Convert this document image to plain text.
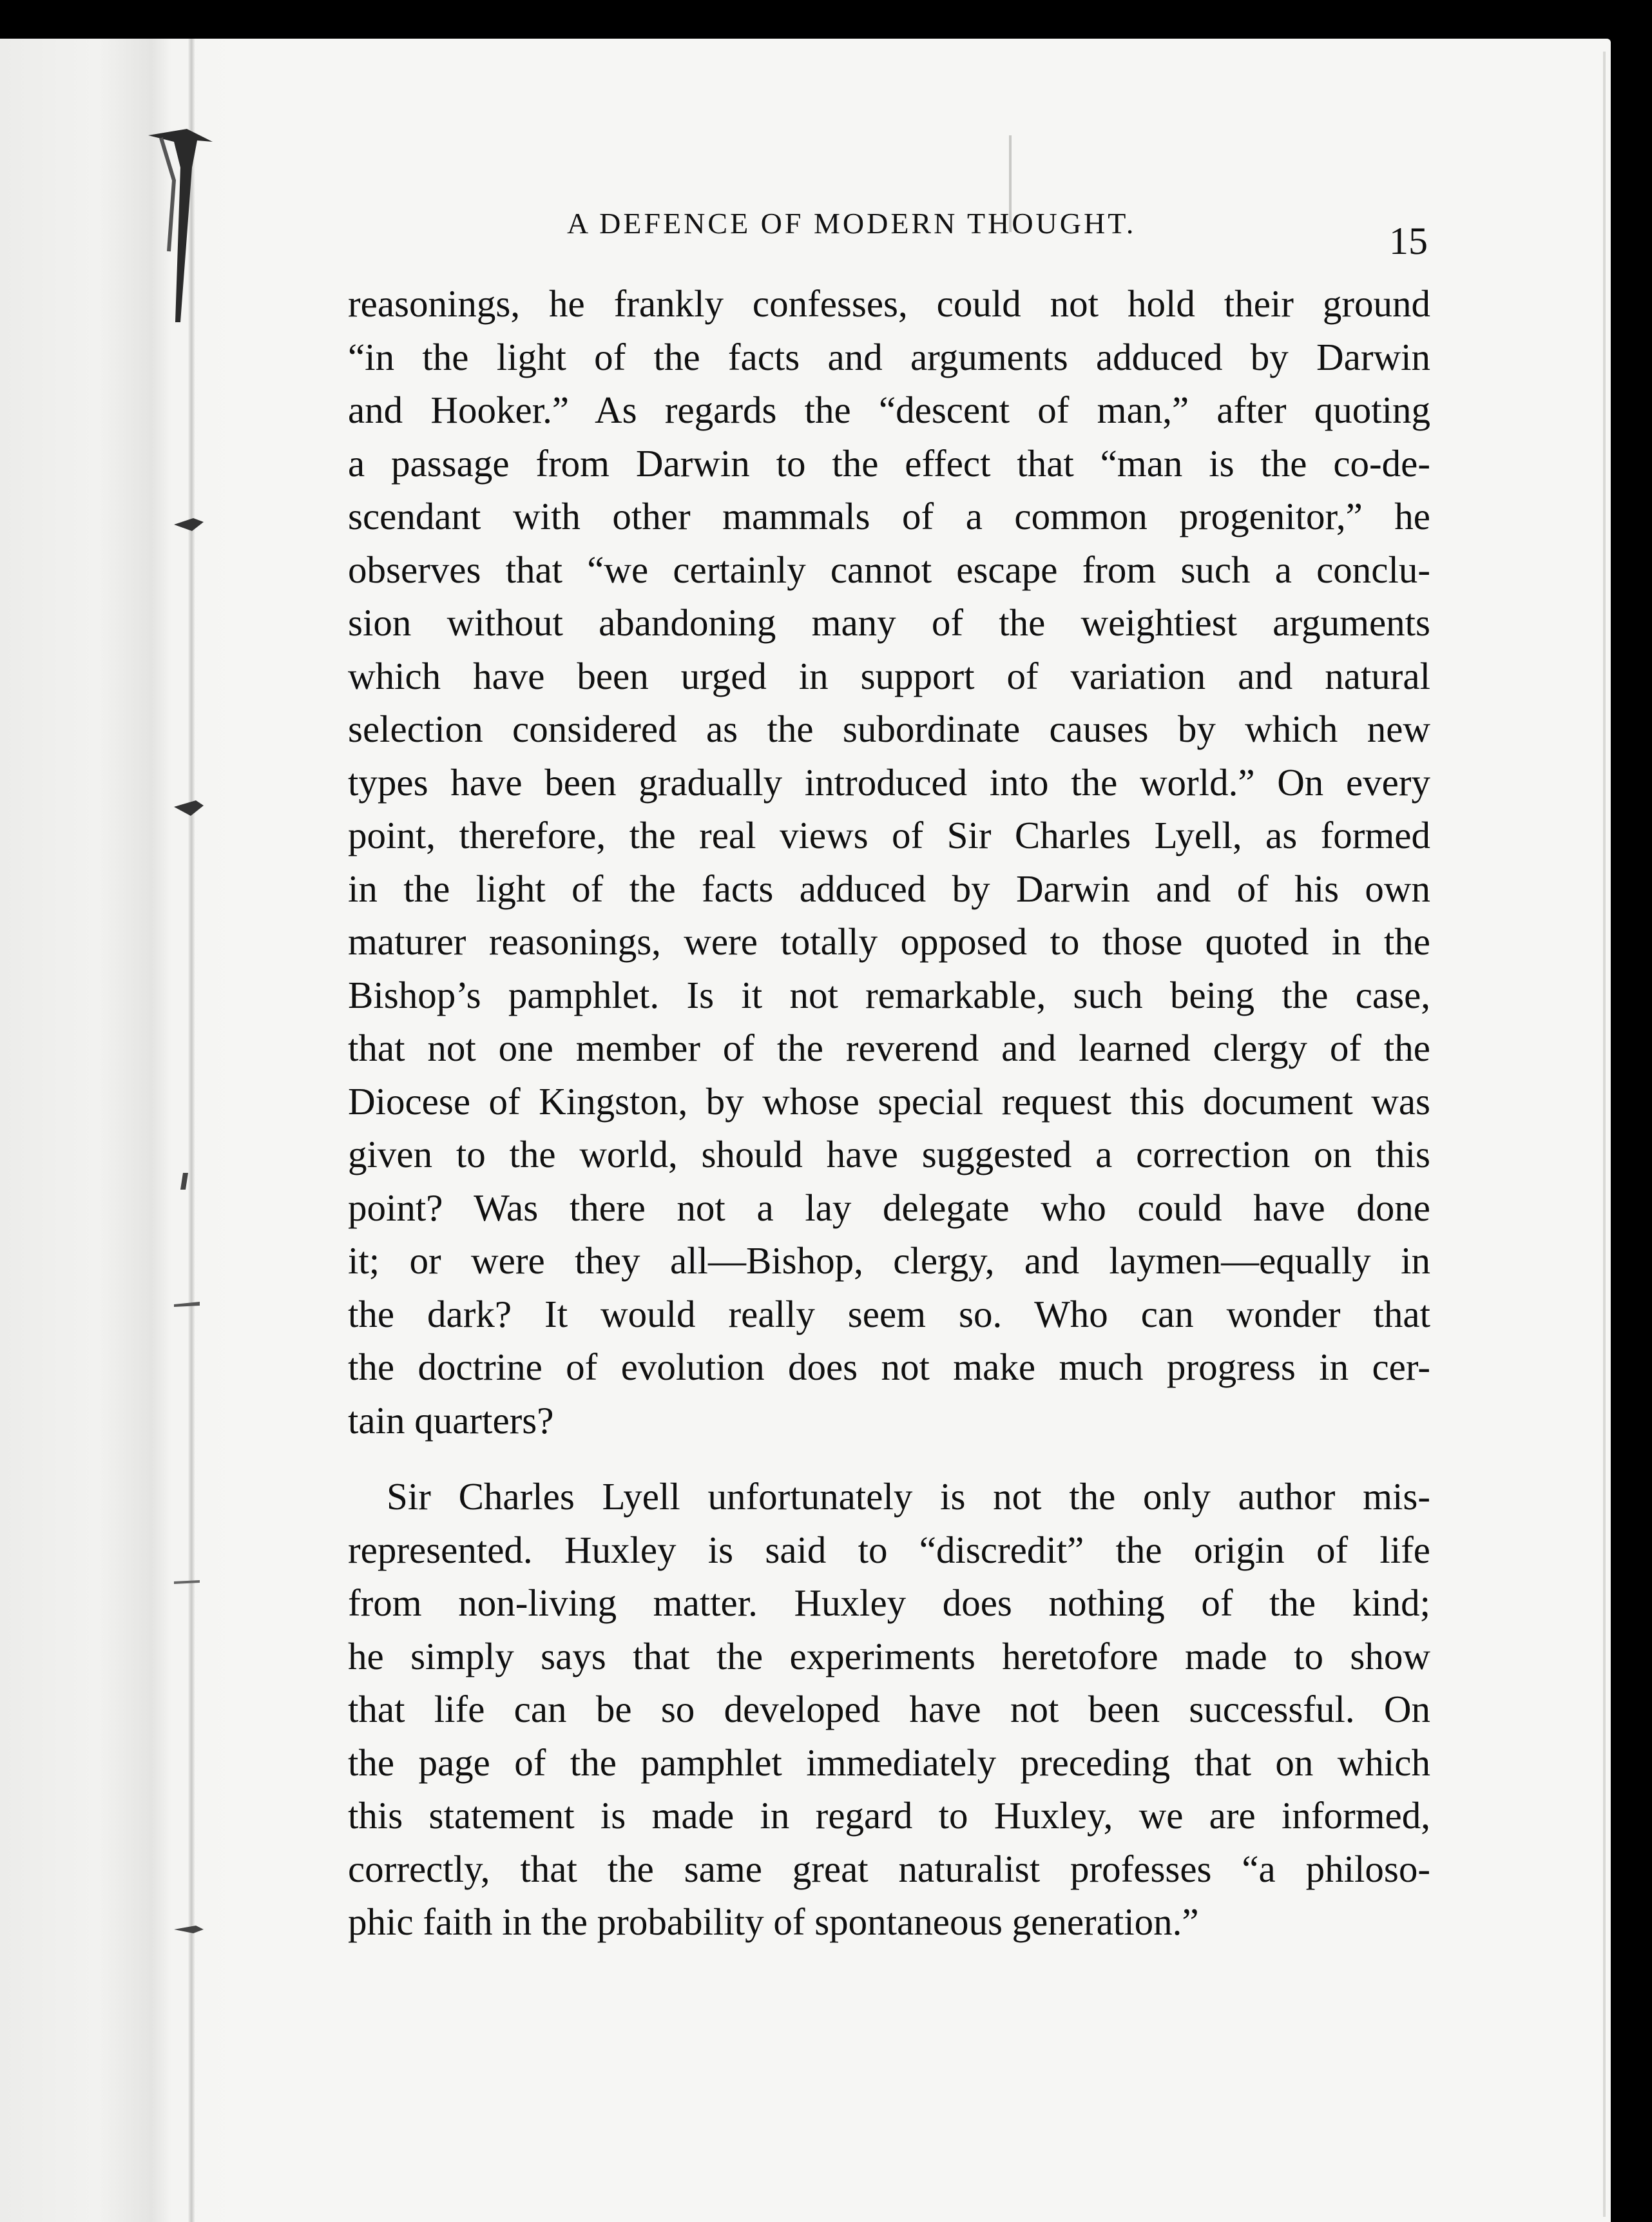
A DEFENCE OF MODERN THOUGHT.	15
reasonings, he frankly confesses, could not hold their ground
“in the light of the facts and arguments adduced by Darwin
and Hooker.” As regards the “descent of man,” after quoting
a passage from Darwin to the effect that “man is the co-de-
scendant with other mammals of a common progenitor,” he
observes that “we certainly cannot escape from such a conclu-
sion without abandoning many of the weightiest arguments
which have been urged in support of variation and natural
selection considered as the subordinate causes by which new
types have been gradually introduced into the world.” On every
point, therefore, the real views of Sir Charles Lyell, as formed
in the light of the facts adduced by Darwin and of his own
maturer reasonings, were totally opposed to those quoted in the
Bishop’s pamphlet. Is it not remarkable, such being the case,
that not one member of the reverend and learned clergy of the
Diocese of Kingston, by whose special request this document was
given to the world, should have suggested a correction on this
point? Was there not a lay delegate who could have done
it; or were they all—Bishop, clergy, and laymen—equally in
the dark? It would really seem so. Who can wonder that
the doctrine of evolution does not make much progress in cer-
tain quarters?
Sir Charles Lyell unfortunately is not the only author mis-
represented. Huxley is said to “discredit” the origin of life
from non-living matter. Huxley does nothing of the kind;
he simply says that the experiments heretofore made to show
that life can be so developed have not been successful. On
the page of the pamphlet immediately preceding that on which
this statement is made in regard to Huxley, we are informed,
correctly, that the same great naturalist professes “a philoso-
phic faith in the probability of spontaneous generation.”
